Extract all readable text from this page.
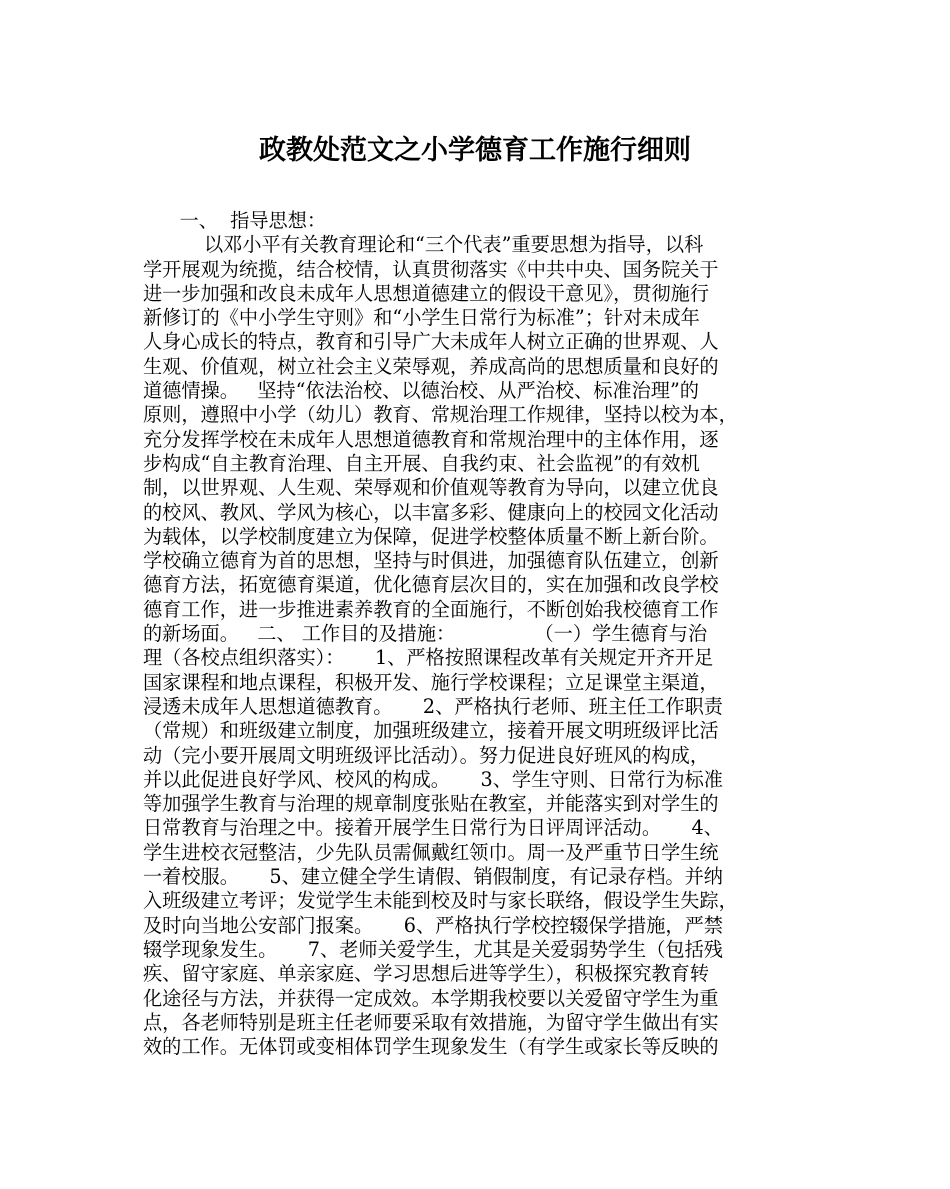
政教处范文之小学德育工作施行细则
一、  指导思想：
以邓小平有关教育理论和“三个代表”重要思想为指导，以科
学开展观为统揽，结合校情，认真贯彻落实《中共中央、国务院关于
进一步加强和改良未成年人思想道德建立的假设干意见》，贯彻施行
新修订的《中小学生守则》和“小学生日常行为标准”；针对未成年
人身心成长的特点，教育和引导广大未成年人树立正确的世界观、人
生观、价值观，树立社会主义荣辱观，养成高尚的思想质量和良好的
道德情操。   坚持“依法治校、以德治校、从严治校、标准治理”的
原则，遵照中小学（幼儿）教育、常规治理工作规律，坚持以校为本，
充分发挥学校在未成年人思想道德教育和常规治理中的主体作用，逐
步构成“自主教育治理、自主开展、自我约束、社会监视”的有效机
制，以世界观、人生观、荣辱观和价值观等教育为导向，以建立优良
的校风、教风、学风为核心，以丰富多彩、健康向上的校园文化活动
为载体，以学校制度建立为保障，促进学校整体质量不断上新台阶。
学校确立德育为首的思想，坚持与时俱进，加强德育队伍建立，创新
德育方法，拓宽德育渠道，优化德育层次目的，实在加强和改良学校
德育工作，进一步推进素养教育的全面施行，不断创始我校德育工作
的新场面。   二、 工作目的及措施：             （一）学生德育与治
理（各校点组织落实）：     1、严格按照课程改革有关规定开齐开足
国家课程和地点课程，积极开发、施行学校课程；立足课堂主渠道，
浸透未成年人思想道德教育。     2、严格执行老师、班主任工作职责
（常规）和班级建立制度，加强班级建立，接着开展文明班级评比活
动（完小要开展周文明班级评比活动）。努力促进良好班风的构成，
并以此促进良好学风、校风的构成。     3、学生守则、日常行为标准
等加强学生教育与治理的规章制度张贴在教室，并能落实到对学生的
日常教育与治理之中。接着开展学生日常行为日评周评活动。     4、
学生进校衣冠整洁，少先队员需佩戴红领巾。周一及严重节日学生统
一着校服。     5、建立健全学生请假、销假制度，有记录存档。并纳
入班级建立考评；发觉学生未能到校及时与家长联络，假设学生失踪，
及时向当地公安部门报案。     6、严格执行学校控辍保学措施，严禁
辍学现象发生。     7、老师关爱学生，尤其是关爱弱势学生（包括残
疾、留守家庭、单亲家庭、学习思想后进等学生），积极探究教育转
化途径与方法，并获得一定成效。本学期我校要以关爱留守学生为重
点，各老师特别是班主任老师要采取有效措施，为留守学生做出有实
效的工作。无体罚或变相体罚学生现象发生（有学生或家长等反映的
